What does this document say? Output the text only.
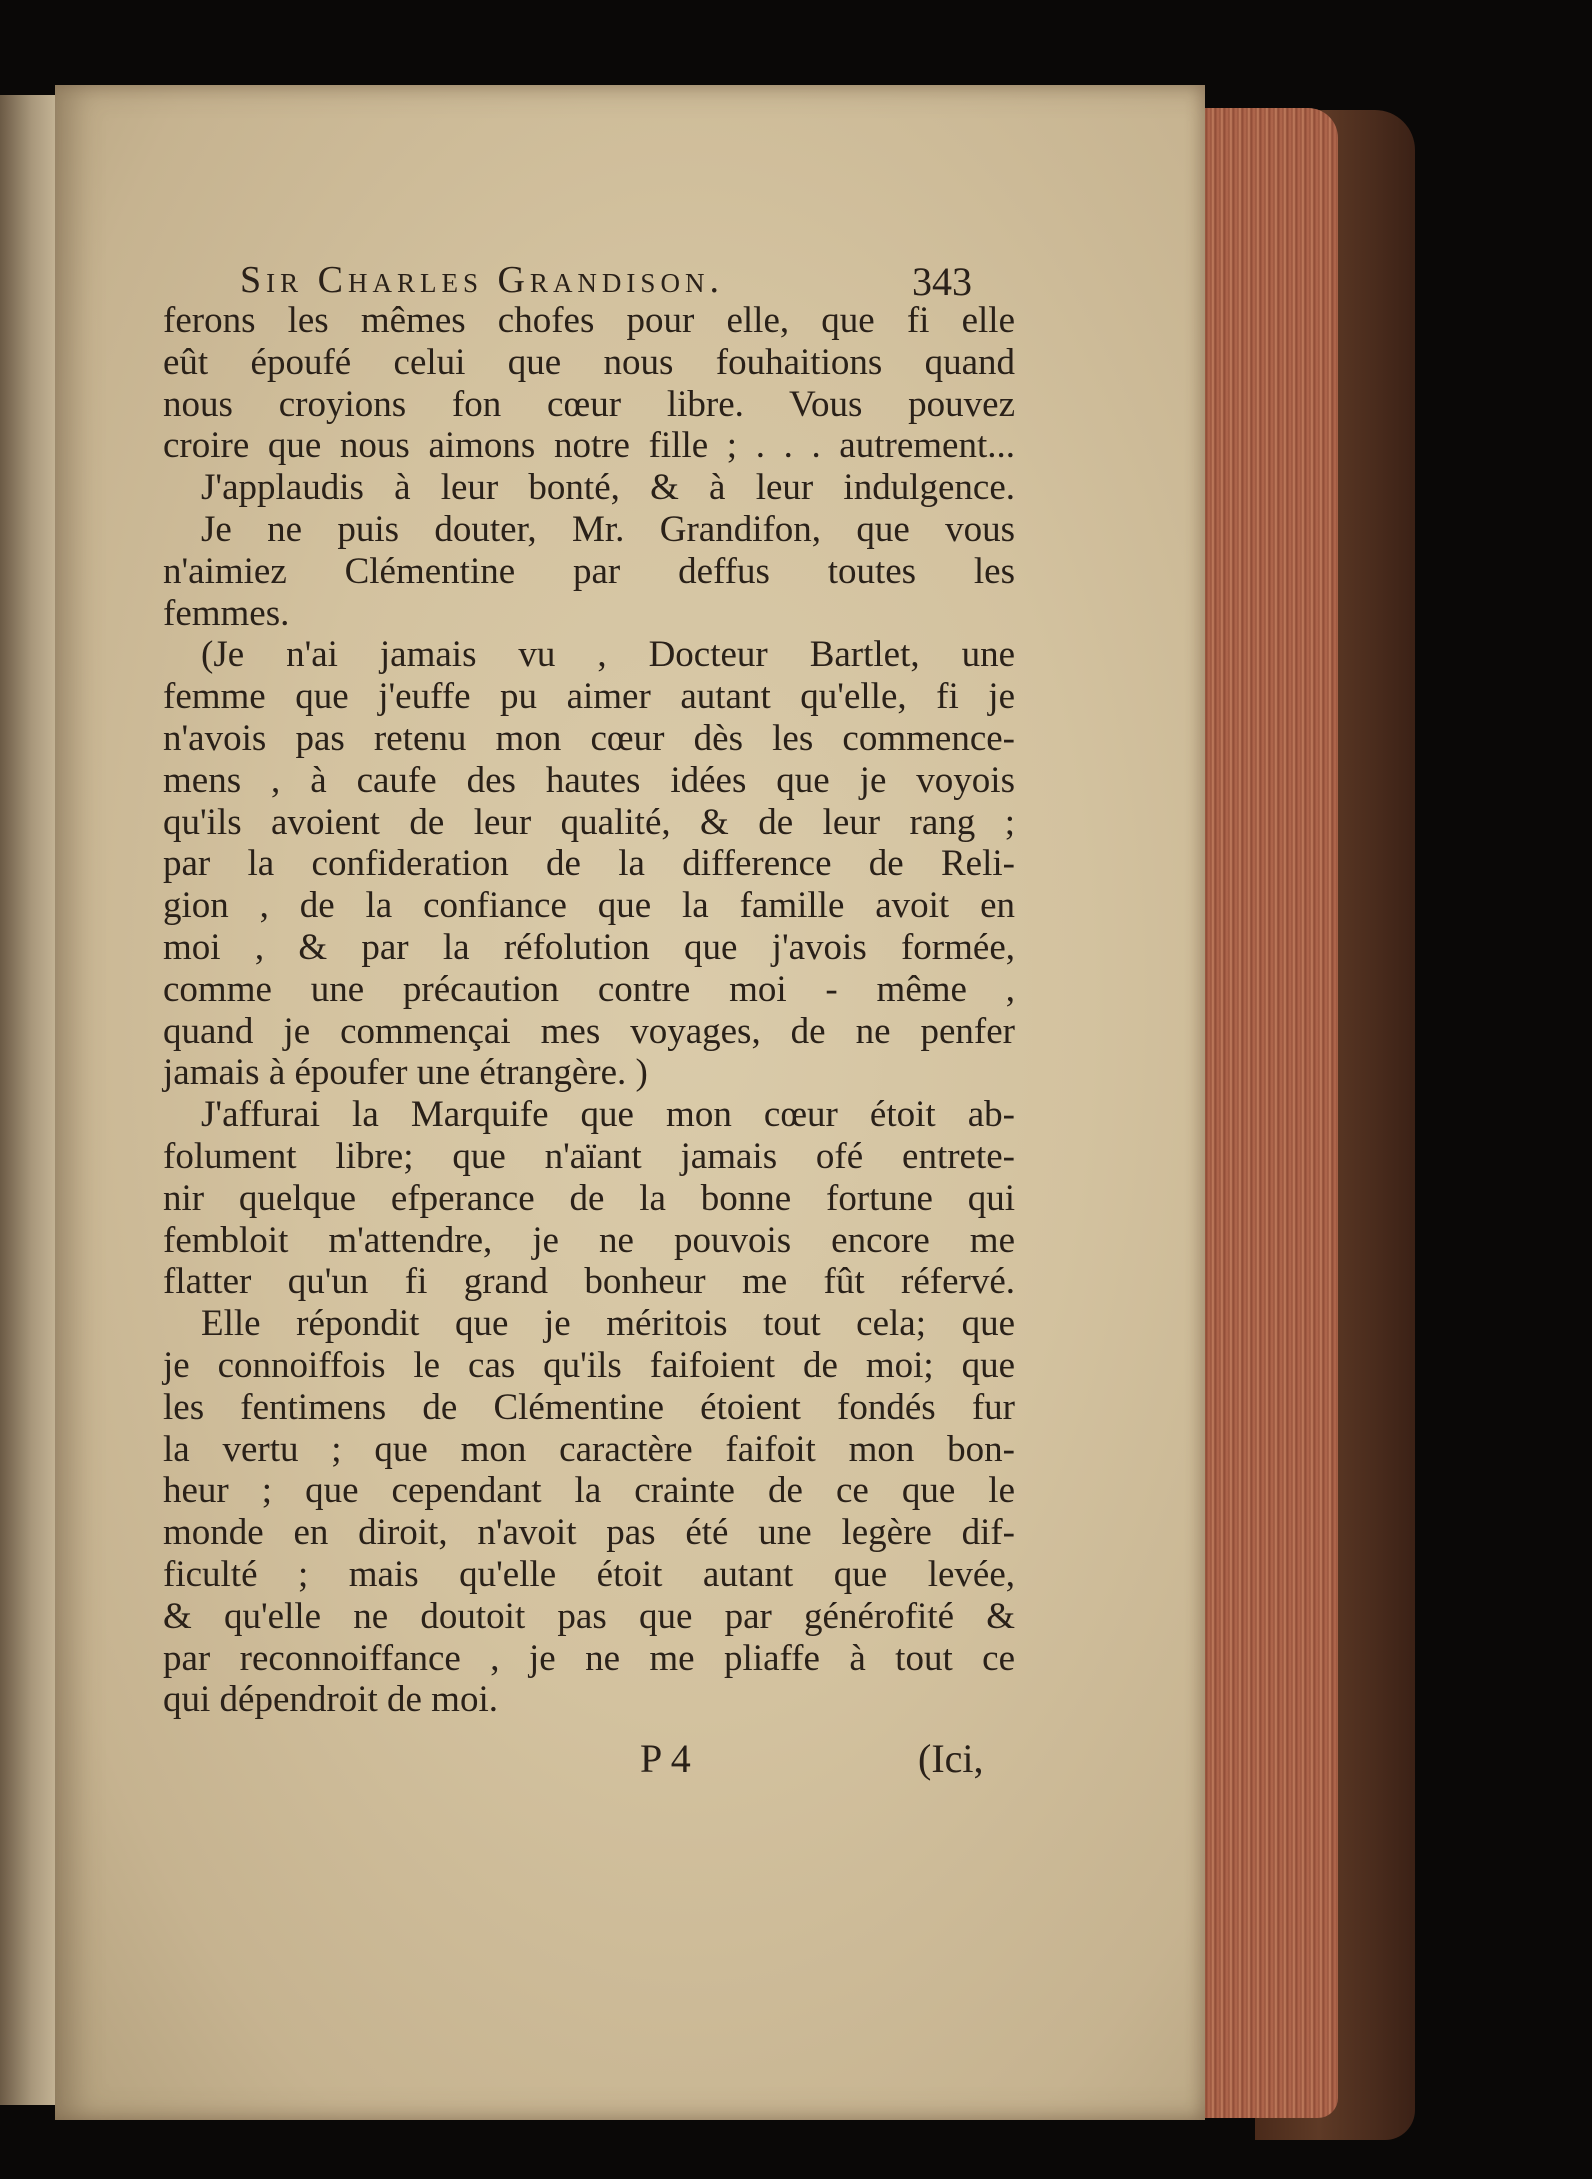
Sir Charles Grandison.	343
ferons les mêmes chofes pour elle, que fi elle
eût époufé celui que nous fouhaitions quand
nous croyions fon cœur libre. Vous pouvez
croire que nous aimons notre fille ; . . . autrement...
J'applaudis à leur bonté, & à leur indulgence.
Je ne puis douter, Mr. Grandifon, que vous
n'aimiez Clémentine par deffus toutes les
femmes.
(Je n'ai jamais vu , Docteur Bartlet, une
femme que j'euffe pu aimer autant qu'elle, fi je
n'avois pas retenu mon cœur dès les commence-
mens , à caufe des hautes idées que je voyois
qu'ils avoient de leur qualité, & de leur rang ;
par la confideration de la difference de Reli-
gion , de la confiance que la famille avoit en
moi , & par la réfolution que j'avois formée,
comme une précaution contre moi - même ,
quand je commençai mes voyages, de ne penfer
jamais à époufer une étrangère. )
J'affurai la Marquife que mon cœur étoit ab-
folument libre; que n'aïant jamais ofé entrete-
nir quelque efperance de la bonne fortune qui
fembloit m'attendre, je ne pouvois encore me
flatter qu'un fi grand bonheur me fût réfervé.
Elle répondit que je méritois tout cela; que
je connoiffois le cas qu'ils faifoient de moi; que
les fentimens de Clémentine étoient fondés fur
la vertu ; que mon caractère faifoit mon bon-
heur ; que cependant la crainte de ce que le
monde en diroit, n'avoit pas été une legère dif-
ficulté ; mais qu'elle étoit autant que levée,
& qu'elle ne doutoit pas que par générofité &
par reconnoiffance , je ne me pliaffe à tout ce
qui dépendroit de moi.
P 4	(Ici,
